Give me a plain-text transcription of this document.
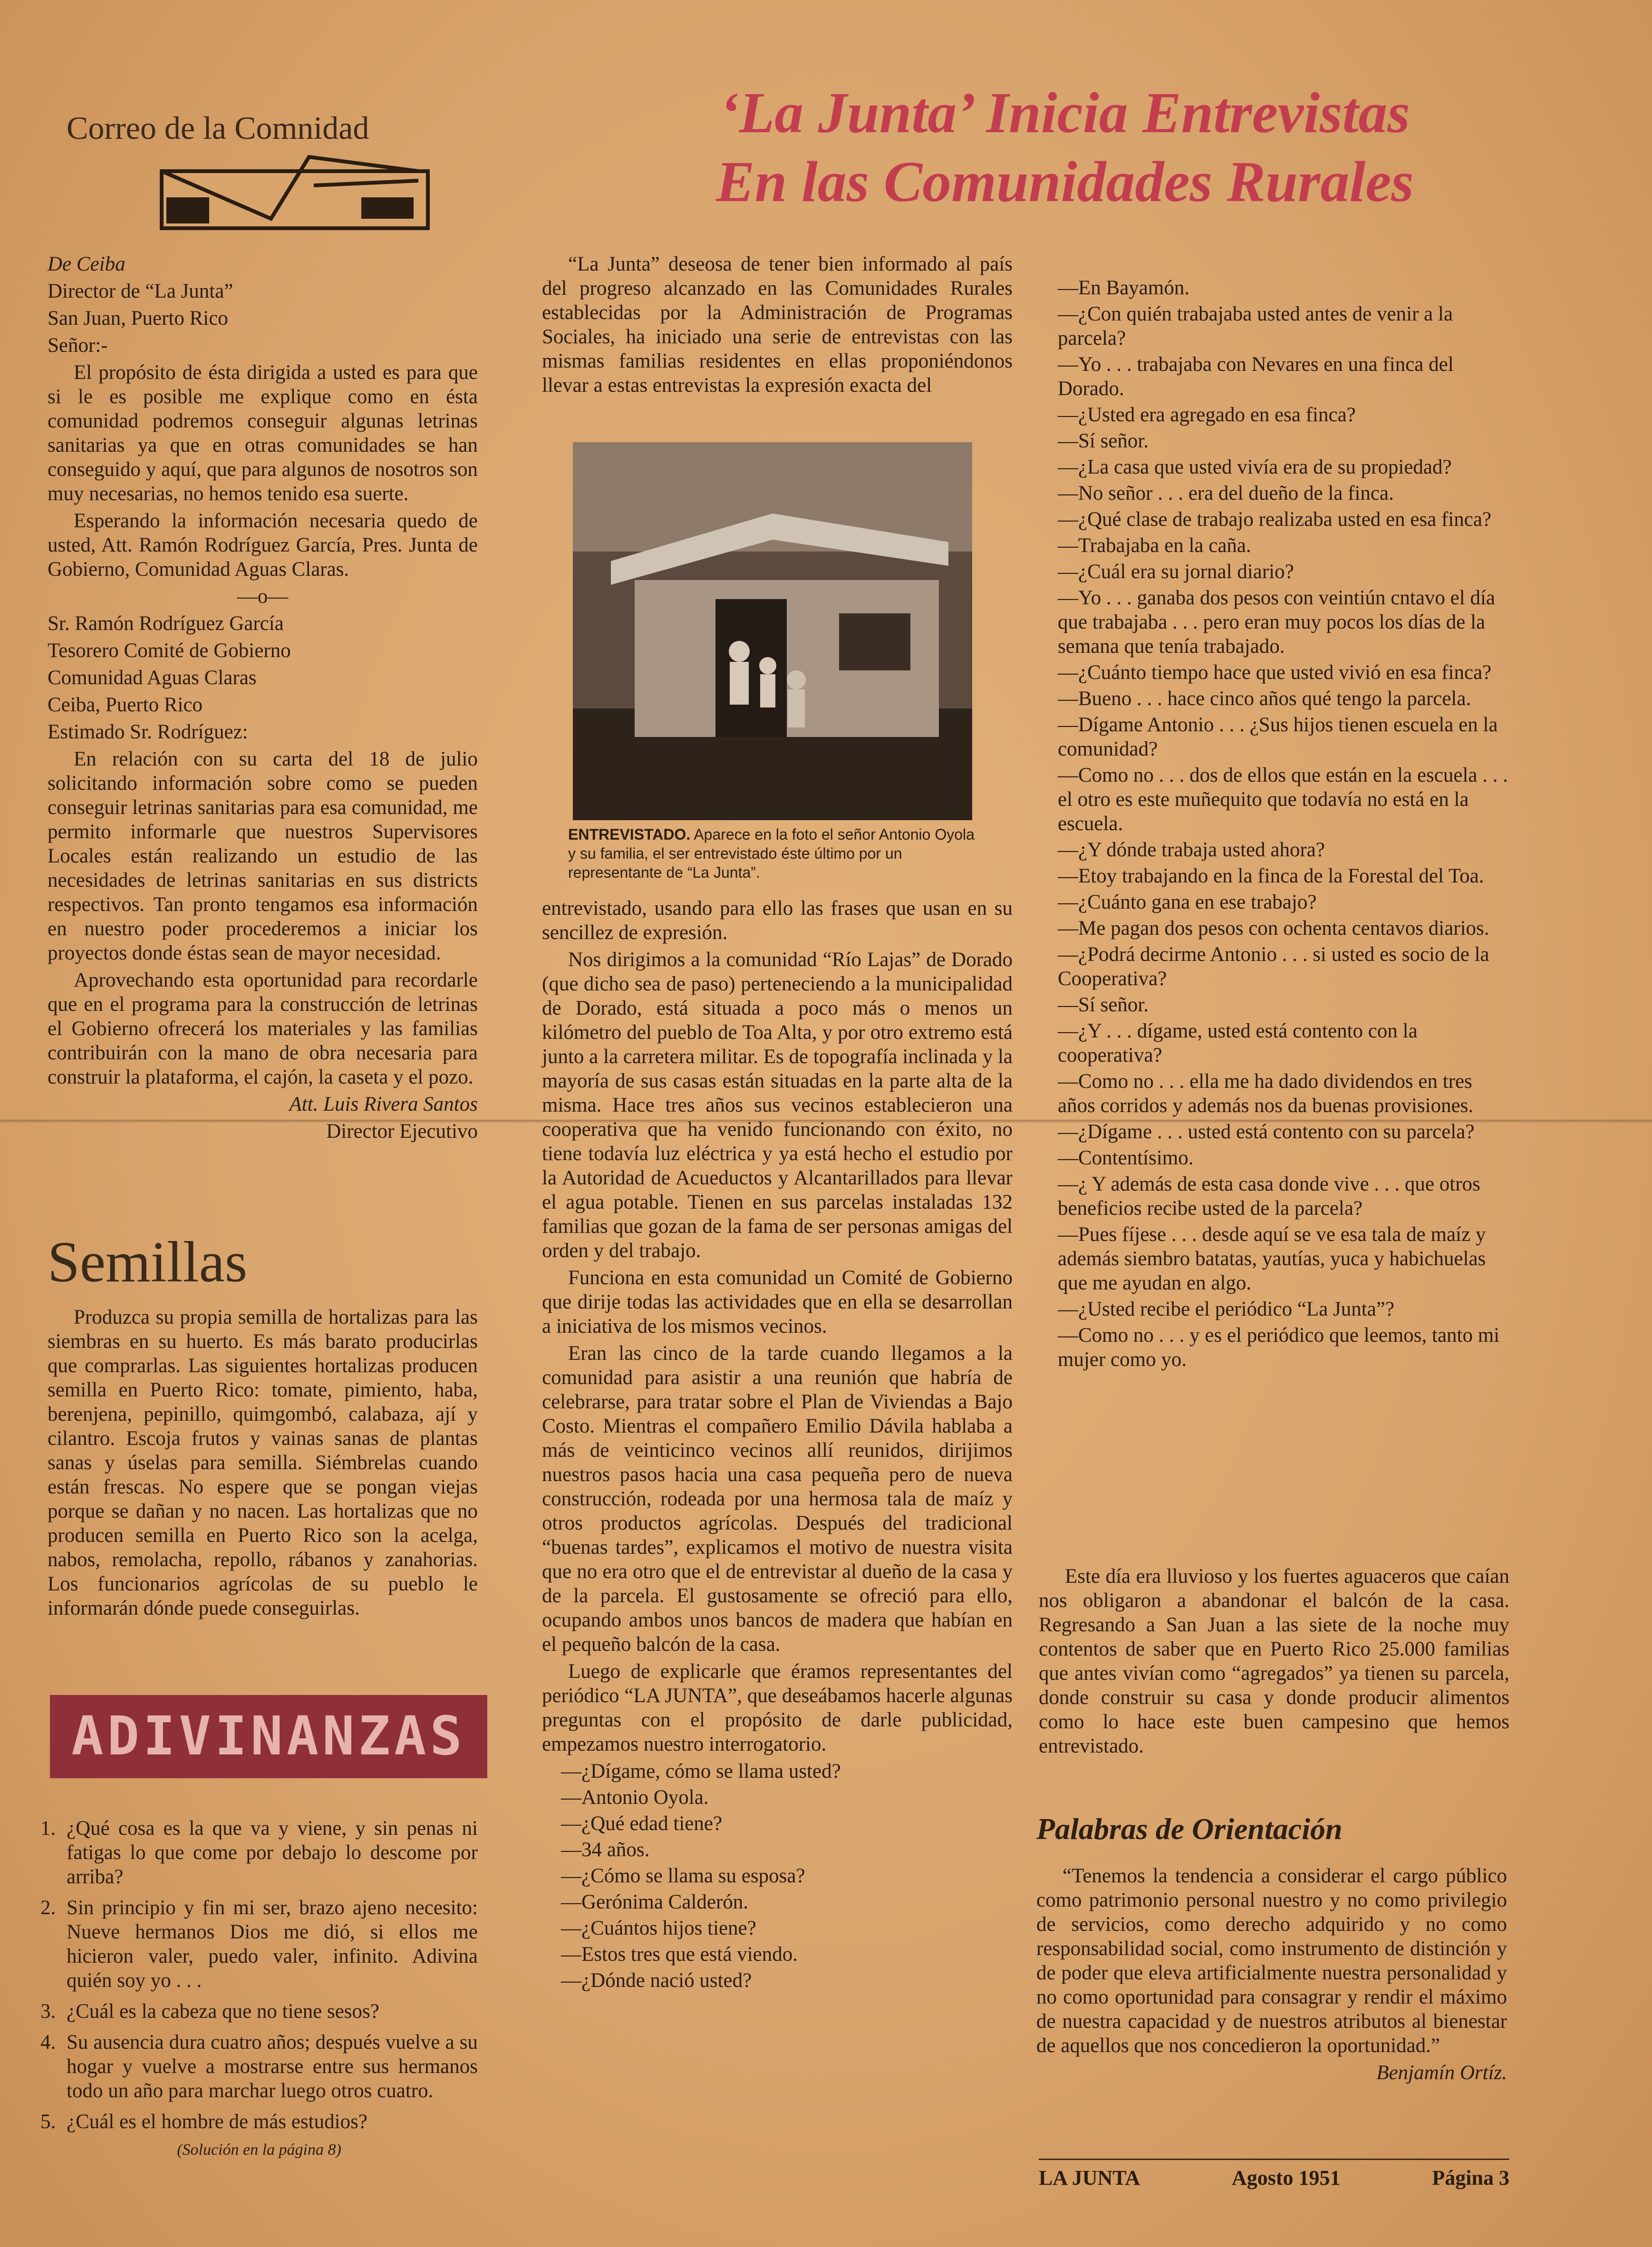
Correo de la Comnidad

De Ceiba

Director de “La Junta”

San Juan, Puerto Rico

Señor:-

El propósito de ésta dirigida a usted es para que si le es posible me explique como en ésta comunidad podremos conseguir algunas letrinas sanitarias ya que en otras comunidades se han conseguido y aquí, que para algunos de nosotros son muy necesarias, no hemos tenido esa suerte.

Esperando la información necesaria quedo de usted, Att. Ramón Rodríguez García, Pres. Junta de Gobierno, Comunidad Aguas Claras.

—o—

Sr. Ramón Rodríguez García

Tesorero Comité de Gobierno

Comunidad Aguas Claras

Ceiba, Puerto Rico

Estimado Sr. Rodríguez:

En relación con su carta del 18 de julio solicitando información sobre como se pueden conseguir letrinas sanitarias para esa comunidad, me permito informarle que nuestros Supervisores Locales están realizando un estudio de las necesidades de letrinas sanitarias en sus districts respectivos. Tan pronto tengamos esa información en nuestro poder procederemos a iniciar los proyectos donde éstas sean de mayor necesidad.

Aprovechando esta oportunidad para recordarle que en el programa para la construcción de letrinas el Gobierno ofrecerá los materiales y las familias contribuirán con la mano de obra necesaria para construir la plataforma, el cajón, la caseta y el pozo.

Att. Luis Rivera Santos

Director Ejecutivo

Semillas

Produzca su propia semilla de hortalizas para las siembras en su huerto. Es más barato producirlas que comprarlas. Las siguientes hortalizas producen semilla en Puerto Rico: tomate, pimiento, haba, berenjena, pepinillo, quimgombó, calabaza, ají y cilantro. Escoja frutos y vainas sanas de plantas sanas y úselas para semilla. Siémbrelas cuando están frescas. No espere que se pongan viejas porque se dañan y no nacen. Las hortalizas que no producen semilla en Puerto Rico son la acelga, nabos, remolacha, repollo, rábanos y zanahorias. Los funcionarios agrícolas de su pueblo le informarán dónde puede conseguirlas.

ADIVINANZAS
1. ¿Qué cosa es la que va y viene, y sin penas ni fatigas lo que come por debajo lo descome por arriba?
2. Sin principio y fin mi ser, brazo ajeno necesito: Nueve hermanos Dios me dió, si ellos me hicieron valer, puedo valer, infinito. Adivina quién soy yo . . .
3. ¿Cuál es la cabeza que no tiene sesos?
4. Su ausencia dura cuatro años; después vuelve a su hogar y vuelve a mostrarse entre sus hermanos todo un año para marchar luego otros cuatro.
5. ¿Cuál es el hombre de más estudios?
(Solución en la página 8)
‘La Junta’ Inicia Entrevistas
En las Comunidades Rurales

“La Junta” deseosa de tener bien informado al país del progreso alcanzado en las Comunidades Rurales establecidas por la Administración de Programas Sociales, ha iniciado una serie de entrevistas con las mismas familias residentes en ellas proponiéndonos llevar a estas entrevistas la expresión exacta del

ENTREVISTADO. Aparece en la foto el señor Antonio Oyola y su familia, el ser entrevistado éste último por un representante de “La Junta”.

entrevistado, usando para ello las frases que usan en su sencillez de expresión.

Nos dirigimos a la comunidad “Río Lajas” de Dorado (que dicho sea de paso) perteneciendo a la municipalidad de Dorado, está situada a poco más o menos un kilómetro del pueblo de Toa Alta, y por otro extremo está junto a la carretera militar. Es de topografía inclinada y la mayoría de sus casas están situadas en la parte alta de la misma. Hace tres años sus vecinos establecieron una cooperativa que ha venido funcionando con éxito, no tiene todavía luz eléctrica y ya está hecho el estudio por la Autoridad de Acueductos y Alcantarillados para llevar el agua potable. Tienen en sus parcelas instaladas 132 familias que gozan de la fama de ser personas amigas del orden y del trabajo.

Funciona en esta comunidad un Comité de Gobierno que dirije todas las actividades que en ella se desarrollan a iniciativa de los mismos vecinos.

Eran las cinco de la tarde cuando llegamos a la comunidad para asistir a una reunión que habría de celebrarse, para tratar sobre el Plan de Viviendas a Bajo Costo. Mientras el compañero Emilio Dávila hablaba a más de veinticinco vecinos allí reunidos, dirijimos nuestros pasos hacia una casa pequeña pero de nueva construcción, rodeada por una hermosa tala de maíz y otros productos agrícolas. Después del tradicional “buenas tardes”, explicamos el motivo de nuestra visita que no era otro que el de entrevistar al dueño de la casa y de la parcela. El gustosamente se ofreció para ello, ocupando ambos unos bancos de madera que habían en el pequeño balcón de la casa.

Luego de explicarle que éramos representantes del periódico “LA JUNTA”, que deseábamos hacerle algunas preguntas con el propósito de darle publicidad, empezamos nuestro interrogatorio.

—¿Dígame, cómo se llama usted?

—Antonio Oyola.

—¿Qué edad tiene?

—34 años.

—¿Cómo se llama su esposa?

—Gerónima Calderón.

—¿Cuántos hijos tiene?

—Estos tres que está viendo.

—¿Dónde nació usted?

—En Bayamón.

—¿Con quién trabajaba usted antes de venir a la parcela?

—Yo . . . trabajaba con Nevares en una finca del Dorado.

—¿Usted era agregado en esa finca?

—Sí señor.

—¿La casa que usted vivía era de su propiedad?

—No señor . . . era del dueño de la finca.

—¿Qué clase de trabajo realizaba usted en esa finca?

—Trabajaba en la caña.

—¿Cuál era su jornal diario?

—Yo . . . ganaba dos pesos con veintiún cntavo el día que trabajaba . . . pero eran muy pocos los días de la semana que tenía trabajado.

—¿Cuánto tiempo hace que usted vivió en esa finca?

—Bueno . . . hace cinco años qué tengo la parcela.

—Dígame Antonio . . . ¿Sus hijos tienen escuela en la comunidad?

—Como no . . . dos de ellos que están en la escuela . . . el otro es este muñequito que todavía no está en la escuela.

—¿Y dónde trabaja usted ahora?

—Etoy trabajando en la finca de la Forestal del Toa.

—¿Cuánto gana en ese trabajo?

—Me pagan dos pesos con ochenta centavos diarios.

—¿Podrá decirme Antonio . . . si usted es socio de la Cooperativa?

—Sí señor.

—¿Y . . . dígame, usted está contento con la cooperativa?

—Como no . . . ella me ha dado dividendos en tres años corridos y además nos da buenas provisiones.

—¿Dígame . . . usted está contento con su parcela?

—Contentísimo.

—¿ Y además de esta casa donde vive . . . que otros beneficios recibe usted de la parcela?

—Pues fíjese . . . desde aquí se ve esa tala de maíz y además siembro batatas, yautías, yuca y habichuelas que me ayudan en algo.

—¿Usted recibe el periódico “La Junta”?

—Como no . . . y es el periódico que leemos, tanto mi mujer como yo.

Este día era lluvioso y los fuertes aguaceros que caían nos obligaron a abandonar el balcón de la casa. Regresando a San Juan a las siete de la noche muy contentos de saber que en Puerto Rico 25.000 familias que antes vivían como “agregados” ya tienen su parcela, donde construir su casa y donde producir alimentos como lo hace este buen campesino que hemos entrevistado.

Palabras de Orientación

“Tenemos la tendencia a considerar el cargo público como patrimonio personal nuestro y no como privilegio de servicios, como derecho adquirido y no como responsabilidad social, como instrumento de distinción y de poder que eleva artificialmente nuestra personalidad y no como oportunidad para consagrar y rendir el máximo de nuestra capacidad y de nuestros atributos al bienestar de aquellos que nos concedieron la oportunidad.”

Benjamín Ortíz.

LA JUNTA	Agosto 1951	Página 3
